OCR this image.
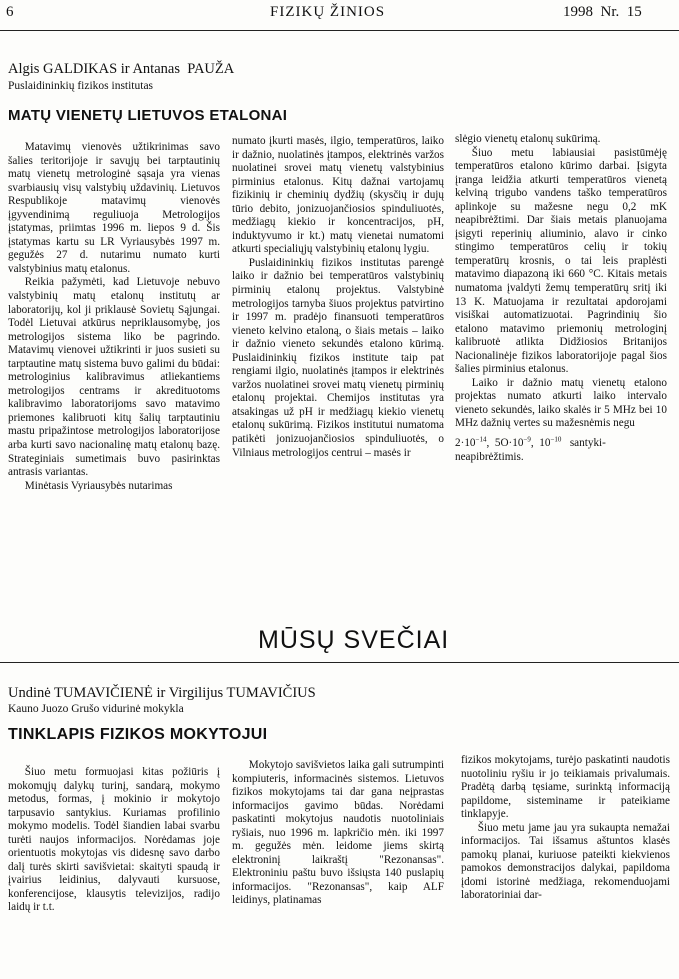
6	FIZIKŲ ŽINIOS	1998  Nr.  15
Algis GALDIKAS ir Antanas  PAUŽA
Puslaidininkių fizikos institutas
MATŲ VIENETŲ LIETUVOS ETALONAI

Matavimų vienovės užtikrinimas savo šalies teritorijoje ir savųjų bei tarptautinių matų vienetų metrologinė sąsaja yra vienas svarbiausių visų valstybių uždavinių. Lietuvos Respublikoje matavimų vienovės įgyvendinimą reguliuoja Metrologijos įstatymas, priimtas 1996 m. liepos 9 d. Šis įstatymas kartu su LR Vyriausybės 1997 m. gegužės 27 d. nutarimu numato kurti valstybinius matų etalonus.

Reikia pažymėti, kad Lietuvoje nebuvo valstybinių matų etalonų institutų ar laboratorijų, kol ji priklausė Sovietų Sąjungai. Todėl Lietuvai atkūrus nepriklausomybę, jos metrologijos sistema liko be pagrindo. Matavimų vienovei užtikrinti ir juos susieti su tarptautine matų sistema buvo galimi du būdai: metrologinius kalibravimus atliekantiems metrologijos centrams ir akredituotoms kalibravimo laboratorijoms savo matavimo priemones kalibruoti kitų šalių tarptautiniu mastu pripažintose metrologijos laboratorijose arba kurti savo nacionalinę matų etalonų bazę. Strateginiais sumetimais buvo pasirinktas antrasis variantas.

Minėtasis Vyriausybės nutarimas

numato įkurti masės, ilgio, temperatūros, laiko ir dažnio, nuolatinės įtampos, elektrinės varžos nuolatinei srovei matų vienetų valstybinius pirminius etalonus. Kitų dažnai vartojamų fizikinių ir cheminių dydžių (skysčių ir dujų tūrio debito, jonizuojančiosios spinduliuotės, medžiagų kiekio ir koncentracijos, pH, induktyvumo ir kt.) matų vienetai numatomi atkurti specialiųjų valstybinių etalonų lygiu.

Puslaidininkių fizikos institutas parengė laiko ir dažnio bei temperatūros valstybinių pirminių etalonų projektus. Valstybinė metrologijos tarnyba šiuos projektus patvirtino ir 1997 m. pradėjo finansuoti temperatūros vieneto kelvino etaloną, o šiais metais – laiko ir dažnio vieneto sekundės etalono kūrimą. Puslaidininkių fizikos institute taip pat rengiami ilgio, nuolatinės įtampos ir elektrinės varžos nuolatinei srovei matų vienetų pirminių etalonų projektai. Chemijos institutas yra atsakingas už pH ir medžiagų kiekio vienetų etalonų sukūrimą. Fizikos institutui numatoma patikėti jonizuojančiosios spinduliuotės, o Vilniaus metrologijos centrui – masės ir

slėgio vienetų etalonų sukūrimą.

Šiuo metu labiausiai pasistūmėję temperatūros etalono kūrimo darbai. Įsigyta įranga leidžia atkurti temperatūros vienetą kelviną trigubo vandens taško temperatūros aplinkoje su mažesne negu 0,2 mK neapibrėžtimi. Dar šiais metais planuojama įsigyti reperinių aliuminio, alavo ir cinko stingimo temperatūros celių ir tokių temperatūrų krosnis, o tai leis praplėsti matavimo diapazoną iki 660 °C. Kitais metais numatoma įvaldyti žemų temperatūrų sritį iki 13 K. Matuojama ir rezultatai apdorojami visiškai automatizuotai. Pagrindinių šio etalono matavimo priemonių metrologinį kalibruotė atlikta Didžiosios Britanijos Nacionalinėje fizikos laboratorijoje pagal šios šalies pirminius etalonus.

Laiko ir dažnio matų vienetų etalono projektas numato atkurti laiko intervalo vieneto sekundės, laiko skalės ir 5 MHz bei 10 MHz dažnių vertes su mažesnėmis negu

$2\cdot 10^{-14}$,  $5O\cdot 10^{-9}$,  $10^{-10}$ santyki-

neapibrėžtimis.

MŪSŲ SVEČIAI
Undinė TUMAVIČIENĖ ir Virgilijus TUMAVIČIUS
Kauno Juozo Grušo vidurinė mokykla
TINKLAPIS FIZIKOS MOKYTOJUI

Šiuo metu formuojasi kitas požiūris į mokomųjų dalykų turinį, sandarą, mokymo metodus, formas, į mokinio ir mokytojo tarpusavio santykius. Kuriamas profilinio mokymo modelis. Todėl šiandien labai svarbu turėti naujos informacijos. Norėdamas joje orientuotis mokytojas vis didesnę savo darbo dalį turės skirti savišvietai: skaityti spaudą ir įvairius leidinius, dalyvauti kursuose, konferencijose, klausytis televizijos, radijo laidų ir t.t.

Mokytojo savišvietos laika gali sutrumpinti kompiuteris, informacinės sistemos. Lietuvos fizikos mokytojams tai dar gana neįprastas informacijos gavimo būdas. Norėdami paskatinti mokytojus naudotis nuotoliniais ryšiais, nuo 1996 m. lapkričio mėn. iki 1997 m. gegužės mėn. leidome jiems skirtą elektroninį laikraštį "Rezonansas". Elektroniniu paštu buvo išsiųsta 140 puslapių informacijos. "Rezonansas", kaip ALF leidinys, platinamas

fizikos mokytojams, turėjo paskatinti naudotis nuotoliniu ryšiu ir jo teikiamais privalumais. Pradėtą darbą tęsiame, surinktą informaciją papildome, sisteminame ir pateikiame tinklapyje.

Šiuo metu jame jau yra sukaupta nemažai informacijos. Tai išsamus aštuntos klasės pamokų planai, kuriuose pateikti kiekvienos pamokos demonstracijos dalykai, papildoma įdomi istorinė medžiaga, rekomenduojami laboratoriniai dar-
